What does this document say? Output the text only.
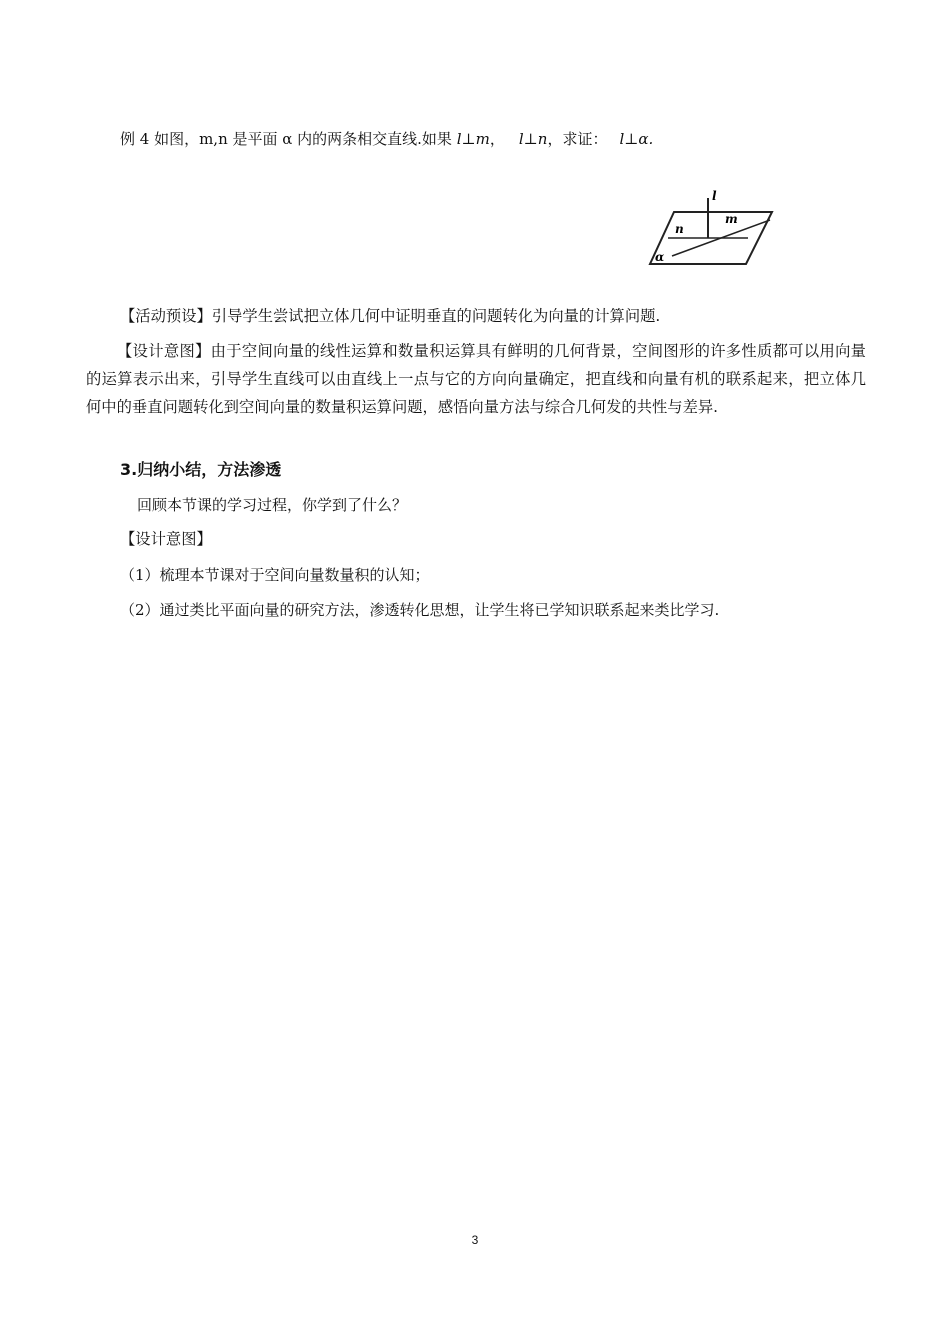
例 4 如图，m,n 是平面 α 内的两条相交直线.如果 l⊥m， l⊥n，求证： l⊥α.
l
m
n
α
【活动预设】引导学生尝试把立体几何中证明垂直的问题转化为向量的计算问题.
【设计意图】由于空间向量的线性运算和数量积运算具有鲜明的几何背景，空间图形的许多性质都可以用向量的运算表示出来，引导学生直线可以由直线上一点与它的方向向量确定，把直线和向量有机的联系起来，把立体几何中的垂直问题转化到空间向量的数量积运算问题，感悟向量方法与综合几何发的共性与差异.
3.归纳小结，方法渗透
回顾本节课的学习过程，你学到了什么？
【设计意图】
（1）梳理本节课对于空间向量数量积的认知；
（2）通过类比平面向量的研究方法，渗透转化思想，让学生将已学知识联系起来类比学习.
3
